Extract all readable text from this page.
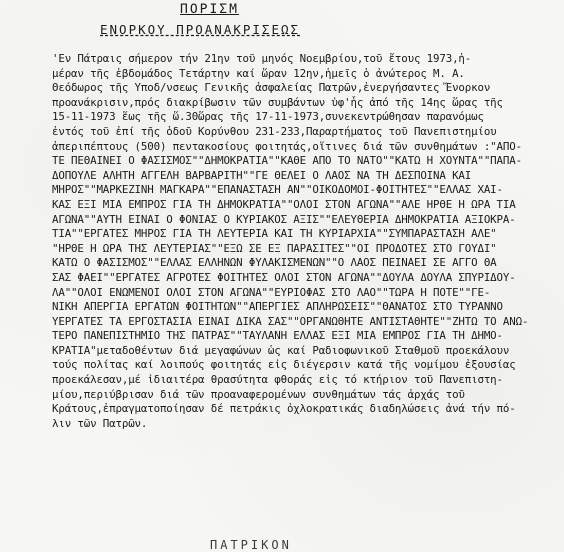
ΠΟΡΙΣΜ
ΕΝΟΡΚΟΥ ΠΡΟΑΝΑΚΡΙΣΕΩΣ
'Εν Πάτραις σήμερον τήν 21ην τοῦ μηνός Νοεμβρίου,τοῦ ἔτους 1973,ἡ-
μέραν τῆς ἑβδομάδος Τετάρτην καί ὥραν 12ην,ἡμεῖς ὁ ἀνώτερος Μ. Α.
Θεόδωρος τῆς Υποδ/νσεως Γενικῆς ἀσφαλείας Πατρῶν,ἐνεργήσαντες Ἔνορκον
προανάκρισιν,πρός διακρίβωσιν τῶν συμβάντων ὑφ'ἧς ἀπό τῆς 14ης ὥρας τῆς
15-11-1973 ἕως τῆς ὥ.30ὥρας τῆς 17-11-1973,συνεκεντρώθησαν παρανόμως
ἐντός τοῦ ἐπί τῆς ὁδοῦ Κορύνθου 231-233,Παραρτήματος τοῦ Πανεπιστημίου
ἀπεριπέπτους (500) πεντακοσίους φοιτητάς,οἵτινες διά τῶν συνθημάτων :"ΑΠΟ-
ΤΕ ΠΕΘΑΙΝΕΙ Ο ΦΑΣΙΣΜΟΣ""ΔΗΜΟΚΡΑΤΙΑ""ΚΑΘΕ ΑΠΟ ΤΟ ΝΑΤΟ""ΚΑΤΩ Η ΧΟΥΝΤΑ""ΠΑΠΑ-
ΔΟΠΟΥΛΕ ΑΛΗΤΗ ΑΓΓΕΛΗ ΒΑΡΒΑΡΙΤΗ""ΓΕ ΘΕΛΕΙ Ο ΛΑΟΣ ΝΑ ΤΗ ΔΕΣΠΟΙΝΑ ΚΑΙ
ΜΗΡΟΣ""ΜΑΡΚΕΖΙΝΗ ΜΑΓΚΑΡΑ""ΕΠΑΝΑΣΤΑΣΗ ΑΝ""ΟΙΚΟΔΟΜΟΙ-ΦΟΙΤΗΤΕΣ""ΕΛΛΑΣ ΧΑΙ-
ΚΑΣ ΕΞΙ ΜΙΑ ΕΜΠΡΟΣ ΓΙΑ ΤΗ ΔΗΜΟΚΡΑΤΙΑ""ΟΛΟΙ ΣΤΟΝ ΑΓΩΝΑ""ΑΛΕ ΗΡΘΕ Η ΩΡΑ ΤΙΑ
ΑΓΩΝΑ""ΑΥΤΗ ΕΙΝΑΙ Ο ΦΟΝΙΑΣ Ο ΚΥΡΙΑΚΟΣ ΑΞΙΣ""ΕΛΕΥΘΕΡΙΑ ΔΗΜΟΚΡΑΤΙΑ ΑΞΙΟΚΡΑ-
ΤΙΑ""ΕΡΓΑΤΕΣ ΜΗΡΟΣ ΓΙΑ ΤΗ ΛΕΥΤΕΡΙΑ ΚΑΙ ΤΗ ΚΥΡΙΑΡΧΙΑ""ΣΥΜΠΑΡΑΣΤΑΣΗ ΑΛΕ"
"ΗΡΘΕ Η ΩΡΑ ΤΗΣ ΛΕΥΤΕΡΙΑΣ""ΕΞΩ ΣΕ ΕΞ ΠΑΡΑΣΙΤΕΣ""ΟΙ ΠΡΟΔΟΤΕΣ ΣΤΟ ΓΟΥΔΙ"
ΚΑΤΩ Ο ΦΑΣΙΣΜΟΣ""ΕΛΛΑΣ ΕΛΛΗΝΩΝ ΦΥΛΑΚΙΣΜΕΝΩΝ""Ο ΛΑΟΣ ΠΕΙΝΑΕΙ ΣΕ ΑΓΓΟ ΘΑ
ΣΑΣ ΦΑΕΙ""ΕΡΓΑΤΕΣ ΑΓΡΟΤΕΣ ΦΟΙΤΗΤΕΣ ΟΛΟΙ ΣΤΟΝ ΑΓΩΝΑ""ΔΟΥΛΑ ΔΟΥΛΑ ΣΠΥΡΙΔΟΥ-
ΛΑ""ΟΛΟΙ ΕΝΩΜΕΝΟΙ ΟΛΟΙ ΣΤΟΝ ΑΓΩΝΑ""ΕΥΡΙΟΦΑΣ ΣΤΟ ΛΑΟ""ΤΩΡΑ Η ΠΟΤΕ""ΓΕ-
ΝΙΚΗ ΑΠΕΡΓΙΑ ΕΡΓΑΤΩΝ ΦΟΙΤΗΤΩΝ""ΑΠΕΡΓΙΕΣ ΑΠΛΗΡΩΣΕΙΣ""ΘΑΝΑΤΟΣ ΣΤΟ ΤΥΡΑΝΝΟ
ΥΕΡΓΑΤΕΣ ΤΑ ΕΡΓΟΣΤΑΣΙΑ ΕΙΝΑΙ ΔΙΚΑ ΣΑΣ""ΟΡΓΑΝΩΘΗΤΕ ΑΝΤΙΣΤΑΘΗΤΕ""ΖΗΤΩ ΤΟ ΑΝΩ-
ΤΕΡΟ ΠΑΝΕΠΙΣΤΗΜΙΟ ΤΗΣ ΠΑΤΡΑΣ""ΤΑΥΛΑΝΗ ΕΛΛΑΣ ΕΞΙ ΜΙΑ ΕΜΠΡΟΣ ΓΙΑ ΤΗ ΔΗΜΟ-
ΚΡΑΤΙΑ"μεταδοθέντων διά μεγαφώνων ὡς καί Ραδιοφωνικοῦ Σταθμοῦ προεκάλουν
τούς πολίτας καί λοιπούς φοιτητάς εἰς διέγερσιν κατά τῆς νομίμου ἐξουσίας
προεκάλεσαν,μέ ἰδιαιτέρα θρασύτητα φθοράς εἰς τό κτήριον τοῦ Πανεπιστη-
μίου,περιύβρισαν διά τῶν προαναφερομένων συνθημάτων τάς ἀρχάς τοῦ
Κράτους,ἐπραγματοποίησαν δέ πετράκις ὀχλοκρατικάς διαδηλώσεις ἀνά τήν πό-
λιν τῶν Πατρῶν.
ΠΑΤΡΙΚΟΝ
